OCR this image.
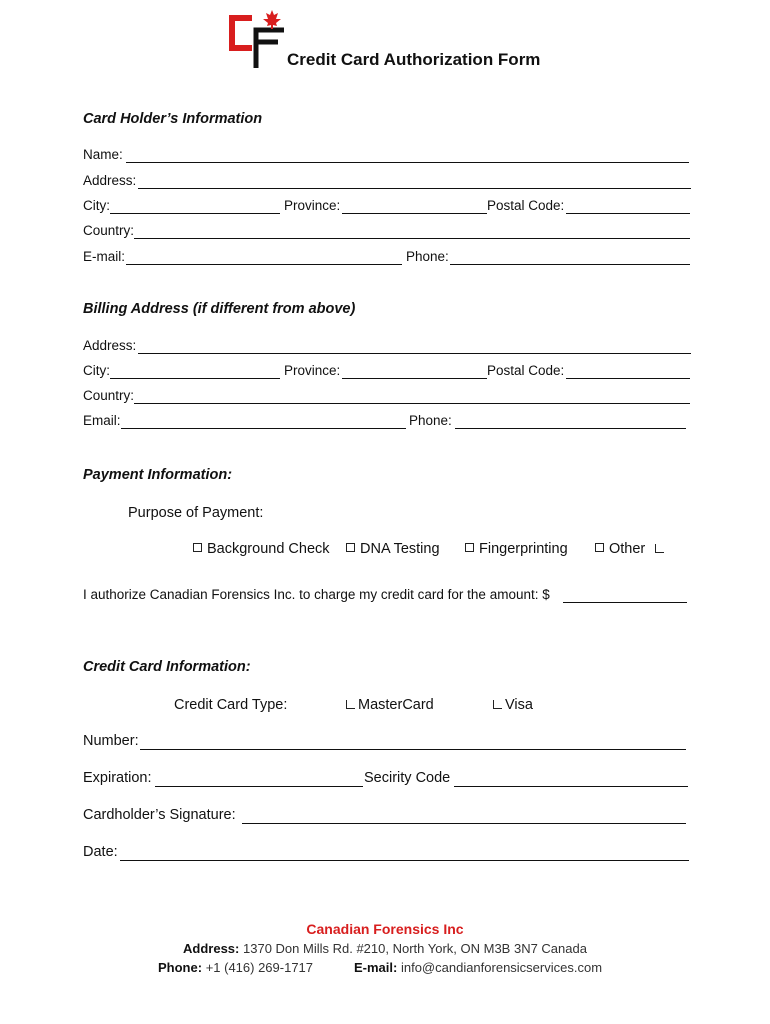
Credit Card Authorization Form
Card Holder’s Information
Name:
Address:
City:	Province:	Postal Code:
Country:
E-mail:	Phone:
Billing Address (if different from above)
Address:
City:	Province:	Postal Code:
Country:
Email:	Phone:
Payment Information:
Purpose of Payment:
Background Check	DNA Testing	Fingerprinting	Other
I authorize Canadian Forensics Inc. to charge my credit card for the amount: $
Credit Card Information:
Credit Card Type:	MasterCard	Visa
Number:
Expiration:	Secirity Code
Cardholder’s Signature:
Date:
Canadian Forensics Inc
Address: 1370 Don Mills Rd. #210, North York, ON M3B 3N7 Canada
Phone: +1 (416) 269-1717	E-mail: info@candianforensicservices.com
